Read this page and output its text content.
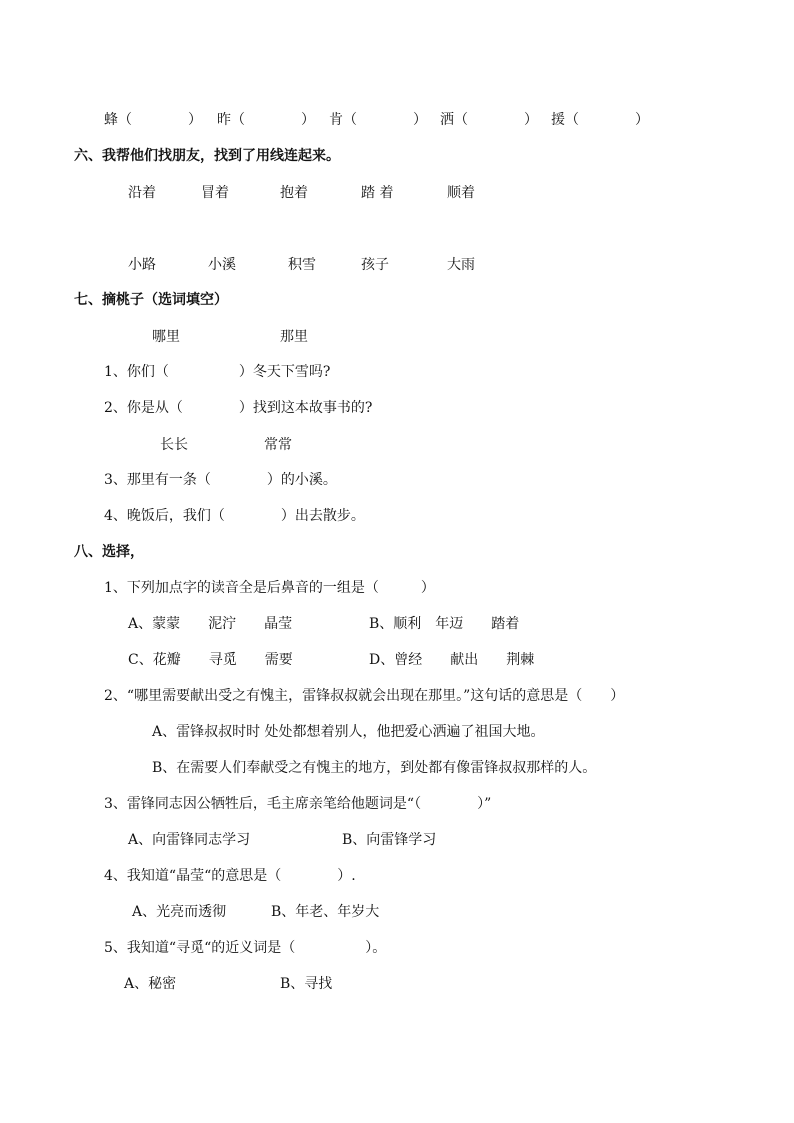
蜂（　　　　） 昨（　　　　） 肯（　　　　） 洒（　　　　） 援（　　　　）
六、我帮他们找朋友，找到了用线连起来。
沿着	冒着	抱着	踏 着	顺着
小路	小溪	积雪	孩子	大雨
七、摘桃子（选词填空）
哪里	那里
1、你们（　　　　　）冬天下雪吗?
2、你是从（　　　　）找到这本故事书的?
长长	常常
3、那里有一条（　　　　）的小溪。
4、晚饭后，我们（　　　　）出去散步。
八、选择，
1、下列加点字的读音全是后鼻音的一组是（　　　）
A、蒙蒙　　泥泞　　晶莹	B、顺利　年迈　　踏着
C、花瓣　　寻觅　　需要	D、曾经　　献出　　荆棘
2、“哪里需要献出受之有愧主，雷锋叔叔就会出现在那里。”这句话的意思是（　　）
A、雷锋叔叔时时 处处都想着别人，他把爱心洒遍了祖国大地。
B、在需要人们奉献受之有愧主的地方，到处都有像雷锋叔叔那样的人。
3、雷锋同志因公牺牲后，毛主席亲笔给他题词是“（　　　　）”
A、向雷锋同志学习	B、向雷锋学习
4、我知道“晶莹“的意思是（　　　　）.
A、光亮而透彻	B、年老、年岁大
5、我知道“寻觅“的近义词是（　　　　　）。
A、秘密	B、寻找
